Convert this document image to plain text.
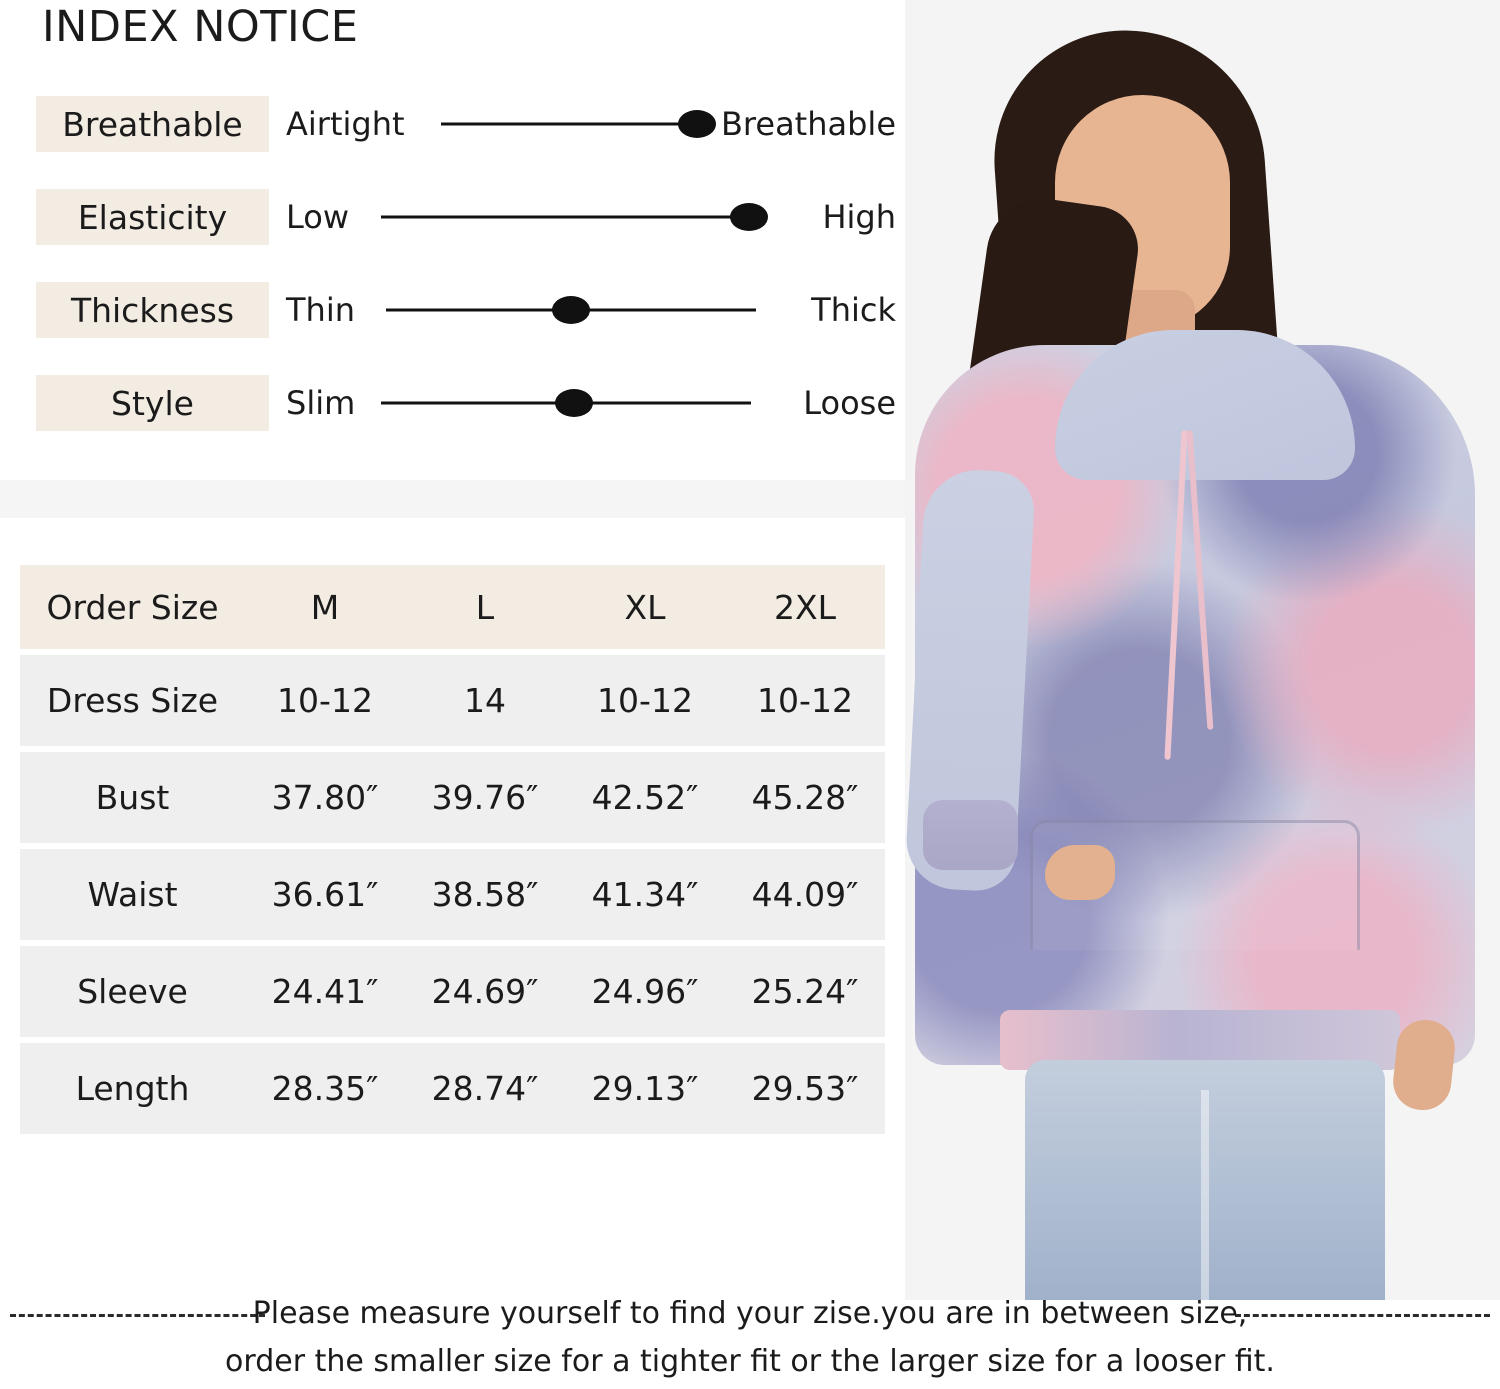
INDEX NOTICE
Breathable	Airtight	Breathable
Elasticity	Low	High
Thickness	Thin	Thick
Style	Slim	Loose
Order Size	M	L	XL	2XL
Dress Size	10-12	14	10-12	10-12
Bust	37.80″	39.76″	42.52″	45.28″
Waist	36.61″	38.58″	41.34″	44.09″
Sleeve	24.41″	24.69″	24.96″	25.24″
Length	28.35″	28.74″	29.13″	29.53″
Please measure yourself to find your zise.you are in between size,
order the smaller size for a tighter fit or the larger size for a looser fit.
